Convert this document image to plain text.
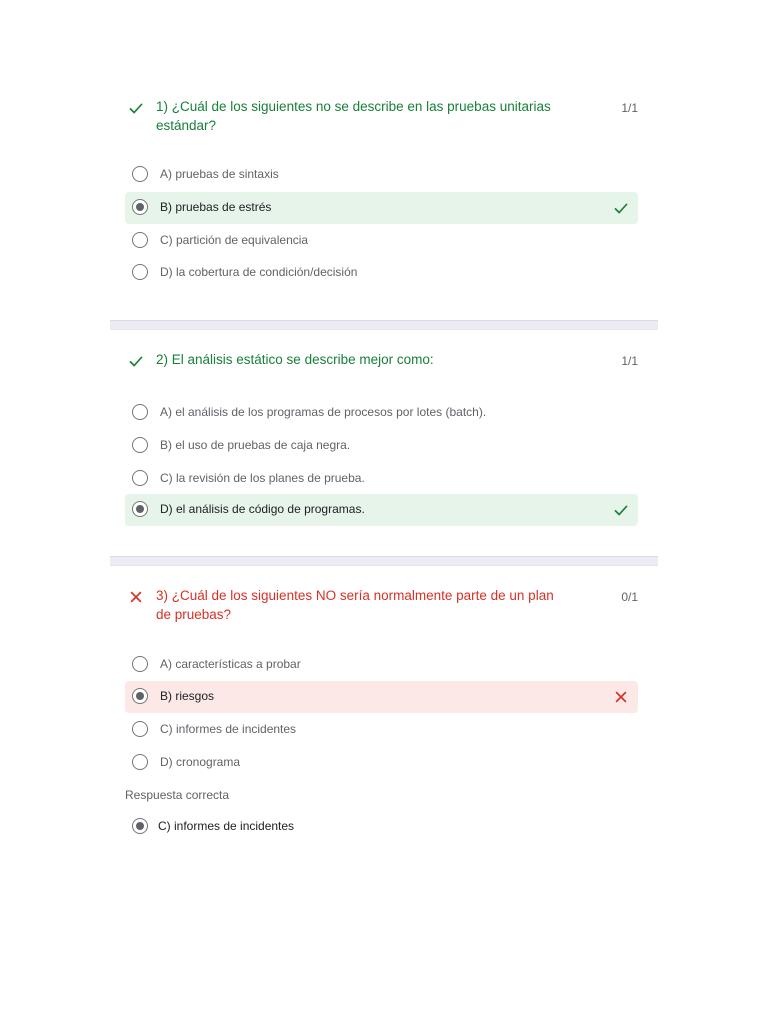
1) ¿Cuál de los siguientes no se describe en las pruebas unitarias estándar?
1/1
A) pruebas de sintaxis
B) pruebas de estrés
C) partición de equivalencia
D) la cobertura de condición/decisión
2) El análisis estático se describe mejor como:	1/1
A) el análisis de los programas de procesos por lotes (batch).
B) el uso de pruebas de caja negra.
C) la revisión de los planes de prueba.
D) el análisis de código de programas.
3) ¿Cuál de los siguientes NO sería normalmente parte de un plan de pruebas?
0/1
A) características a probar
B) riesgos
C) informes de incidentes
D) cronograma
Respuesta correcta
C) informes de incidentes
